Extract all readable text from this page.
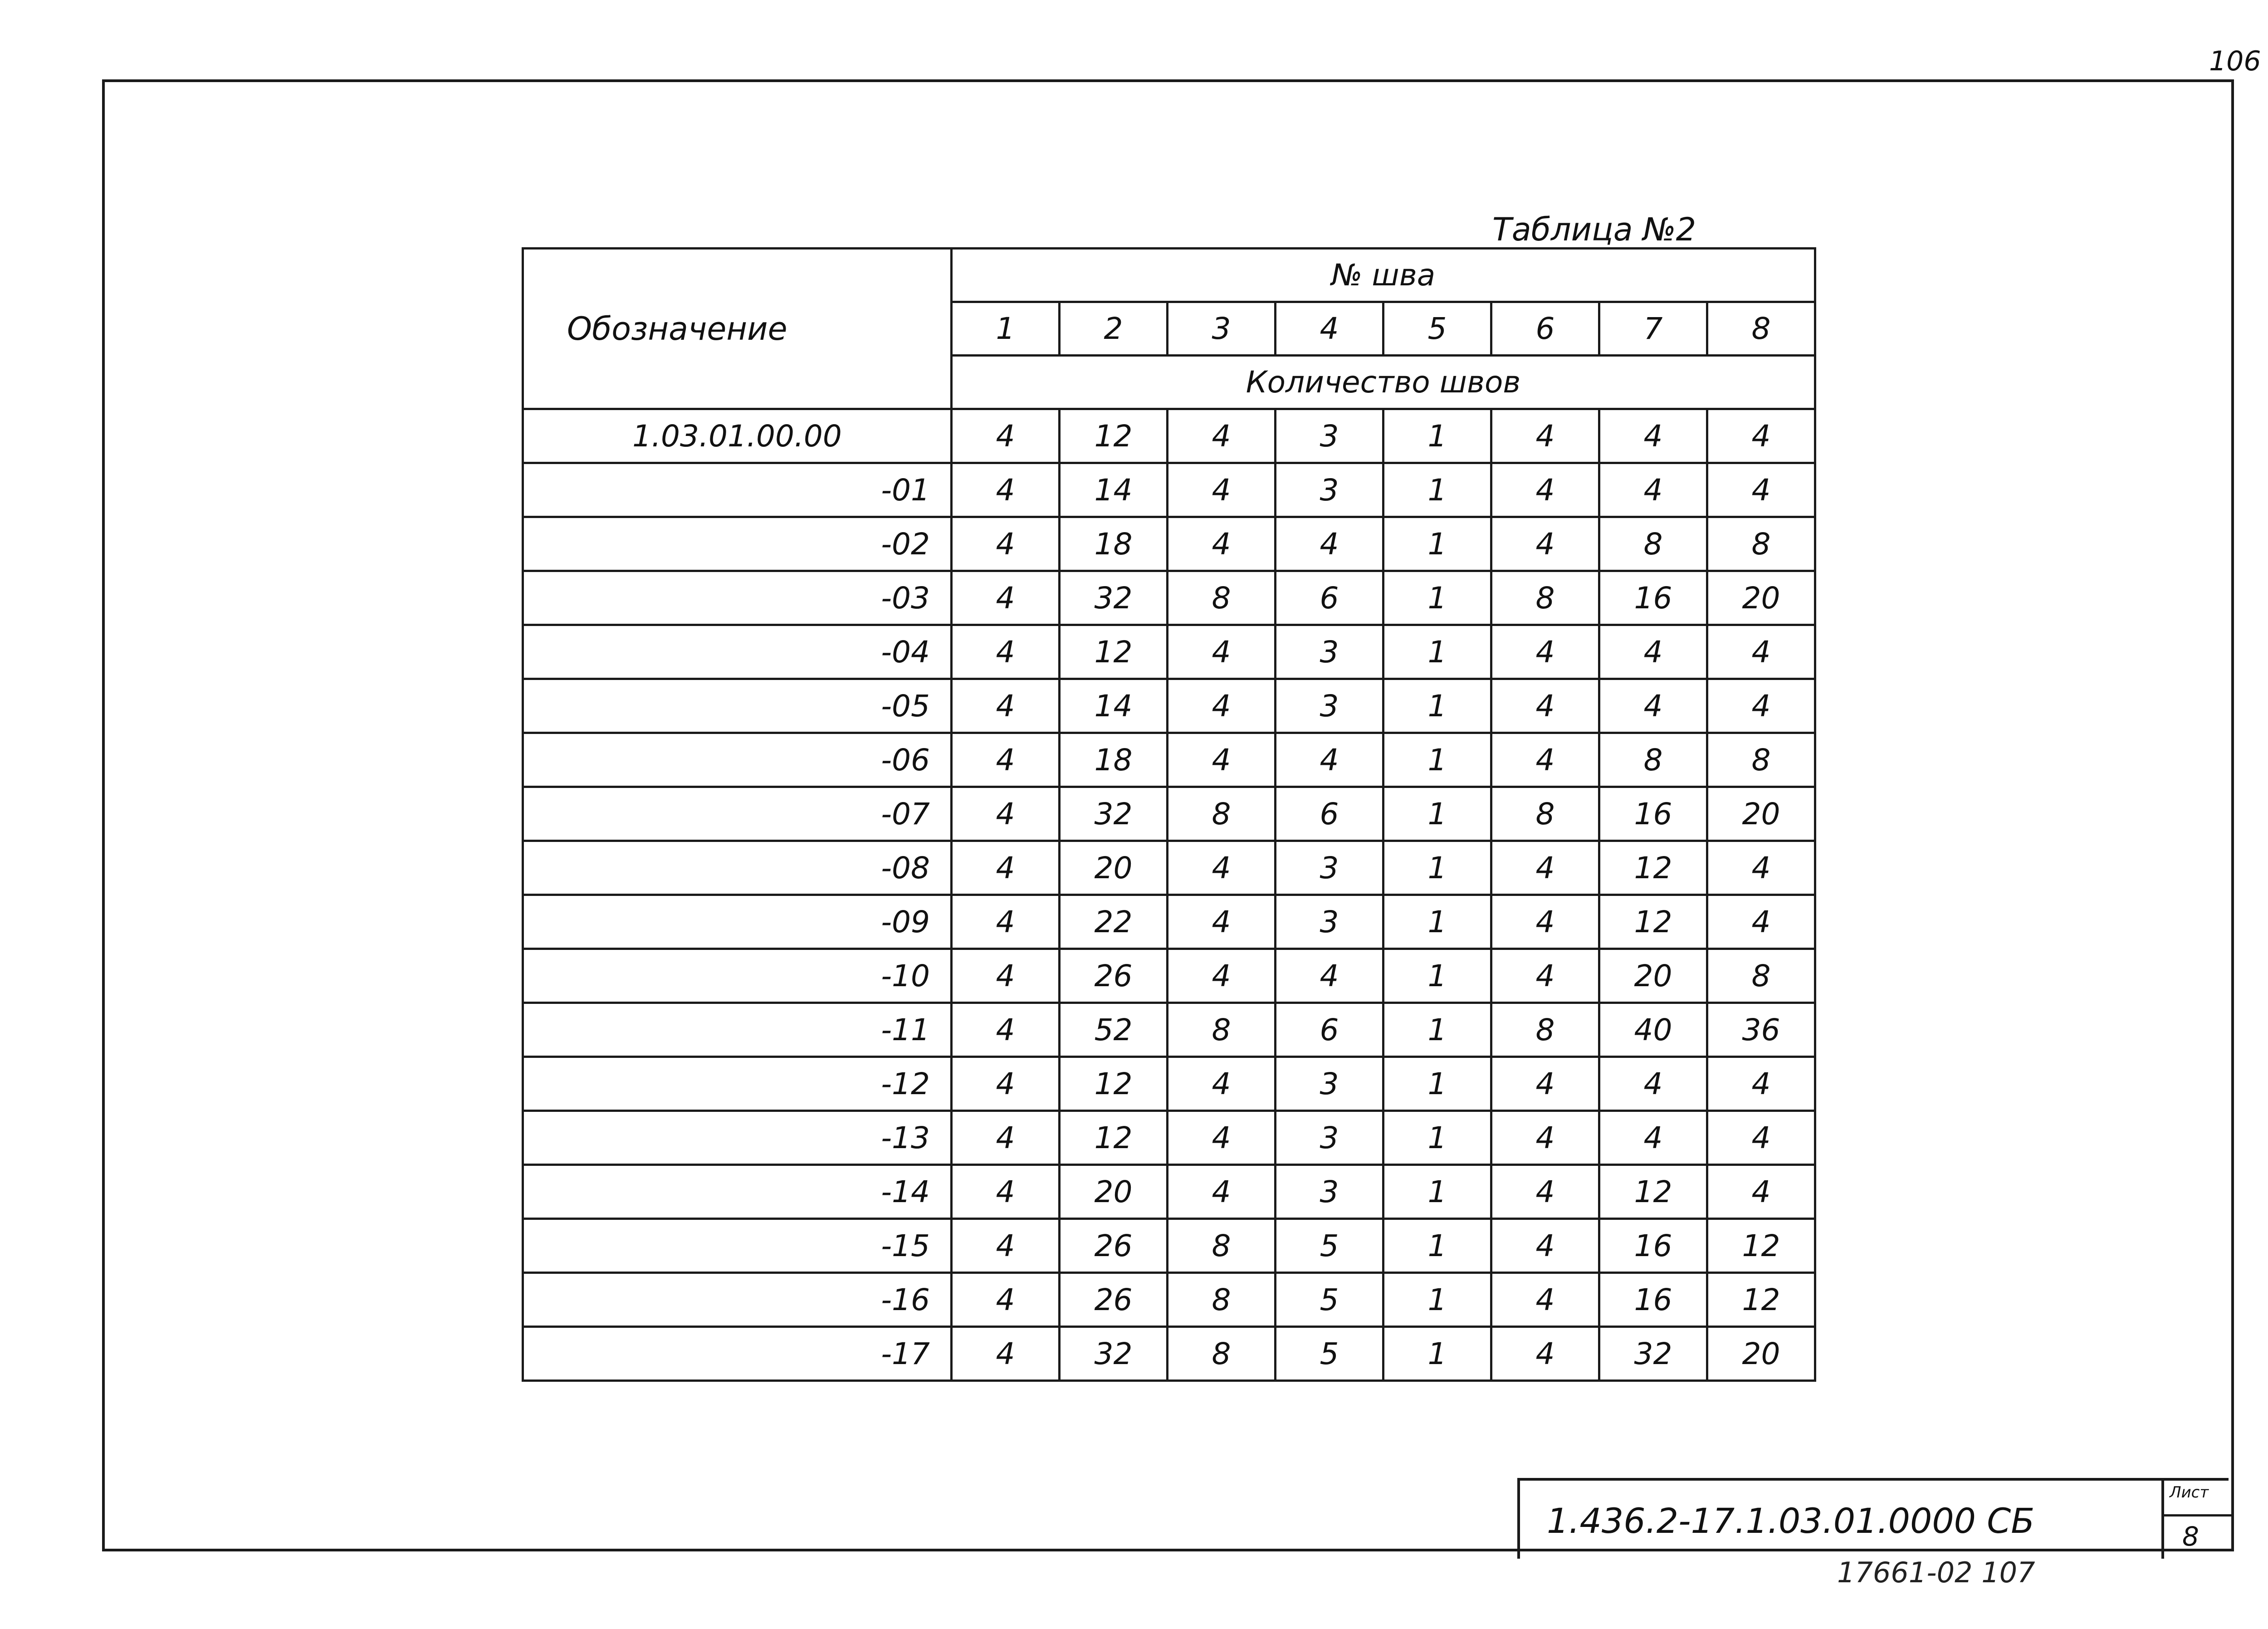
106
Таблица №2
Обозначение	№ шва							
	1	2	3	4	5	6	7	8
	Количество швов							
1.03.01.00.00	4	12	4	3	1	4	4	4
-01	4	14	4	3	1	4	4	4
-02	4	18	4	4	1	4	8	8
-03	4	32	8	6	1	8	16	20
-04	4	12	4	3	1	4	4	4
-05	4	14	4	3	1	4	4	4
-06	4	18	4	4	1	4	8	8
-07	4	32	8	6	1	8	16	20
-08	4	20	4	3	1	4	12	4
-09	4	22	4	3	1	4	12	4
-10	4	26	4	4	1	4	20	8
-11	4	52	8	6	1	8	40	36
-12	4	12	4	3	1	4	4	4
-13	4	12	4	3	1	4	4	4
-14	4	20	4	3	1	4	12	4
-15	4	26	8	5	1	4	16	12
-16	4	26	8	5	1	4	16	12
-17	4	32	8	5	1	4	32	20
1.436.2-17.1.03.01.0000 СБ
Лист
8
17661-02 107
